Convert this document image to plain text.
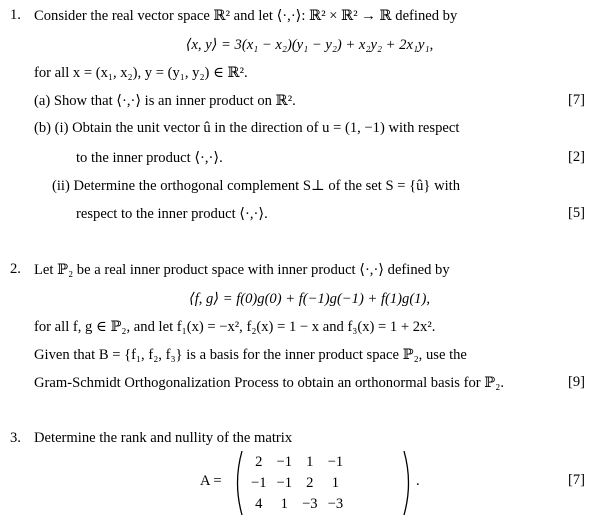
1. Consider the real vector space ℝ² and let ⟨·,·⟩: ℝ² × ℝ² → ℝ defined by
⟨x, y⟩ = 3(x₁ − x₂)(y₁ − y₂) + x₂y₂ + 2x₁y₁,
for all x = (x₁, x₂), y = (y₁, y₂) ∈ ℝ².
(a) Show that ⟨·,·⟩ is an inner product on ℝ².	[7]
(b) (i) Obtain the unit vector û in the direction of u = (1, −1) with respect
to the inner product ⟨·,·⟩.	[2]
(ii) Determine the orthogonal complement S⊥ of the set S = {û} with
respect to the inner product ⟨·,·⟩.	[5]
2. Let ℙ₂ be a real inner product space with inner product ⟨·,·⟩ defined by
⟨f, g⟩ = f(0)g(0) + f(−1)g(−1) + f(1)g(1),
for all f, g ∈ ℙ₂, and let f₁(x) = −x², f₂(x) = 1 − x and f₃(x) = 1 + 2x².
Given that B = {f₁, f₂, f₃} is a basis for the inner product space ℙ₂, use the
Gram-Schmidt Orthogonalization Process to obtain an orthonormal basis for ℙ₂.	[9]
3. Determine the rank and nullity of the matrix
A =
2	−1	1	−1
−1	−1	2	1
4	1	−3	−3
.	[7]
